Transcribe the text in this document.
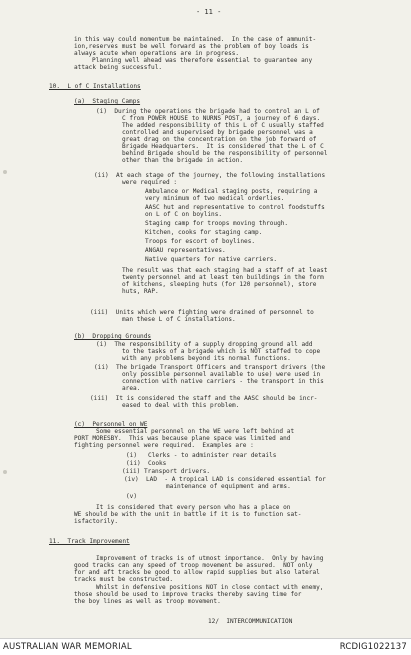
- 11 -
in this way could momentum be maintained.  In the case of ammunit-
ion,reserves must be well forward as the problem of boy loads is
always acute when operations are in progress.
Planning well ahead was therefore essential to guarantee any
attack being successful.
10.  L of C Installations
(a)  Staging Camps
(i)  During the operations the brigade had to control an L of
C from POWER HOUSE to NURNS POST, a journey of 6 days.
The added responsibility of this L of C usually staffed
controlled and supervised by brigade personnel was a
great drag on the concentration on the job forward of
Brigade Headquarters.  It is considered that the L of C
behind Brigade should be the responsibility of personnel
other than the brigade in action.
(ii)  At each stage of the journey, the following installations
were required :
Ambulance or Medical staging posts, requiring a
very minimum of two medical orderlies.
AASC hut and representative to control foodstuffs
on L of C on boylins.
Staging camp for troops moving through.
Kitchen, cooks for staging camp.
Troops for escort of boylines.
ANGAU representatives.
Native quarters for native carriers.
The result was that each staging had a staff of at least
twenty personnel and at least ten buildings in the form
of kitchens, sleeping huts (for 120 personnel), store
huts, RAP.
(iii)  Units which were fighting were drained of personnel to
man these L of C installations.
(b)  Dropping Grounds
(i)  The responsibility of a supply dropping ground all add
to the tasks of a brigade which is NOT staffed to cope
with any problems beyond its normal functions.
(ii)  The brigade Transport Officers and transport drivers (the
only possible personnel available to use) were used in
connection with native carriers - the transport in this
area.
(iii)  It is considered the staff and the AASC should be incr-
eased to deal with this problem.
(c)  Personnel on WE
Some essential personnel on the WE were left behind at
PORT MORESBY.  This was because plane space was limited and
fighting personnel were required.  Examples are :
(i)   Clerks - to administer rear details
(ii)  Cooks
(iii) Transport drivers.
(iv)  LAD  - A tropical LAD is considered essential for
maintenance of equipment and arms.
(v)
It is considered that every person who has a place on
WE should be with the unit in battle if it is to function sat-
isfactorily.
11.  Track Improvement
Improvement of tracks is of utmost importance.  Only by having
good tracks can any speed of troop movement be assured.  NOT only
for and aft tracks be good to allow rapid supplies but also lateral
tracks must be constructed.
Whilst in defensive positions NOT in close contact with enemy,
those should be used to improve tracks thereby saving time for
the boy lines as well as troop movement.
12/  INTERCOMMUNICATION
AUSTRALIAN WAR MEMORIAL	RCDIG1022137
